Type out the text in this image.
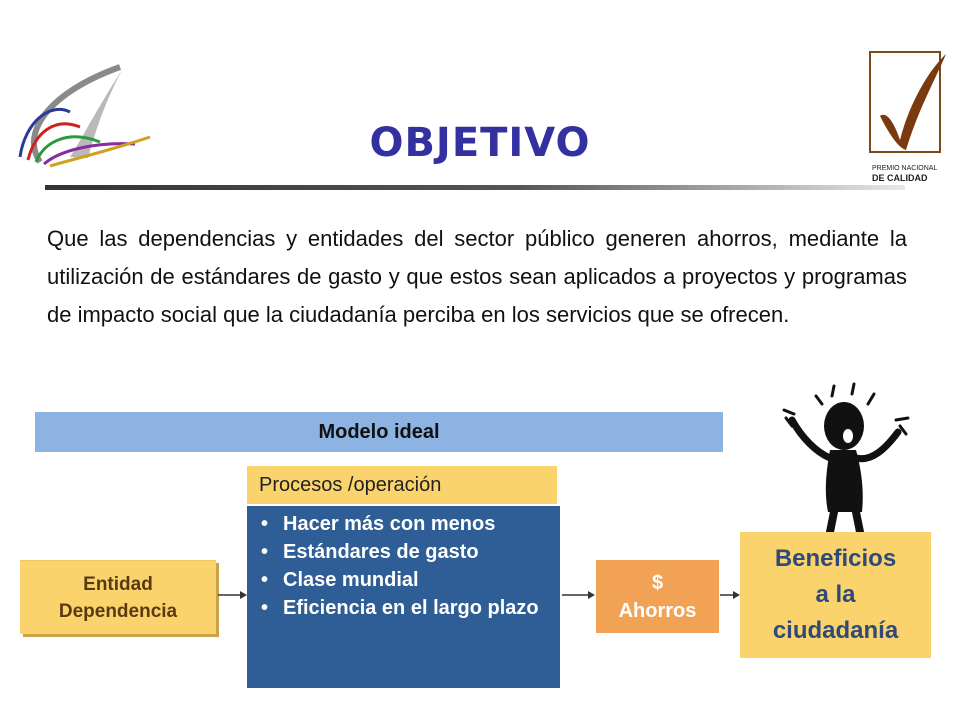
PREMIO NACIONAL
DE CALIDAD
OBJETIVO

Que las dependencias y entidades del sector público generen ahorros, mediante la utilización de estándares de gasto y que estos sean aplicados a proyectos y programas de impacto social que la ciudadanía perciba en los servicios que se ofrecen.

Modelo ideal
Procesos /operación
• Hacer más con menos
• Estándares de gasto
• Clase mundial
• Eficiencia en el largo plazo
Entidad
Dependencia
$
Ahorros
Beneficios
a la
ciudadanía
